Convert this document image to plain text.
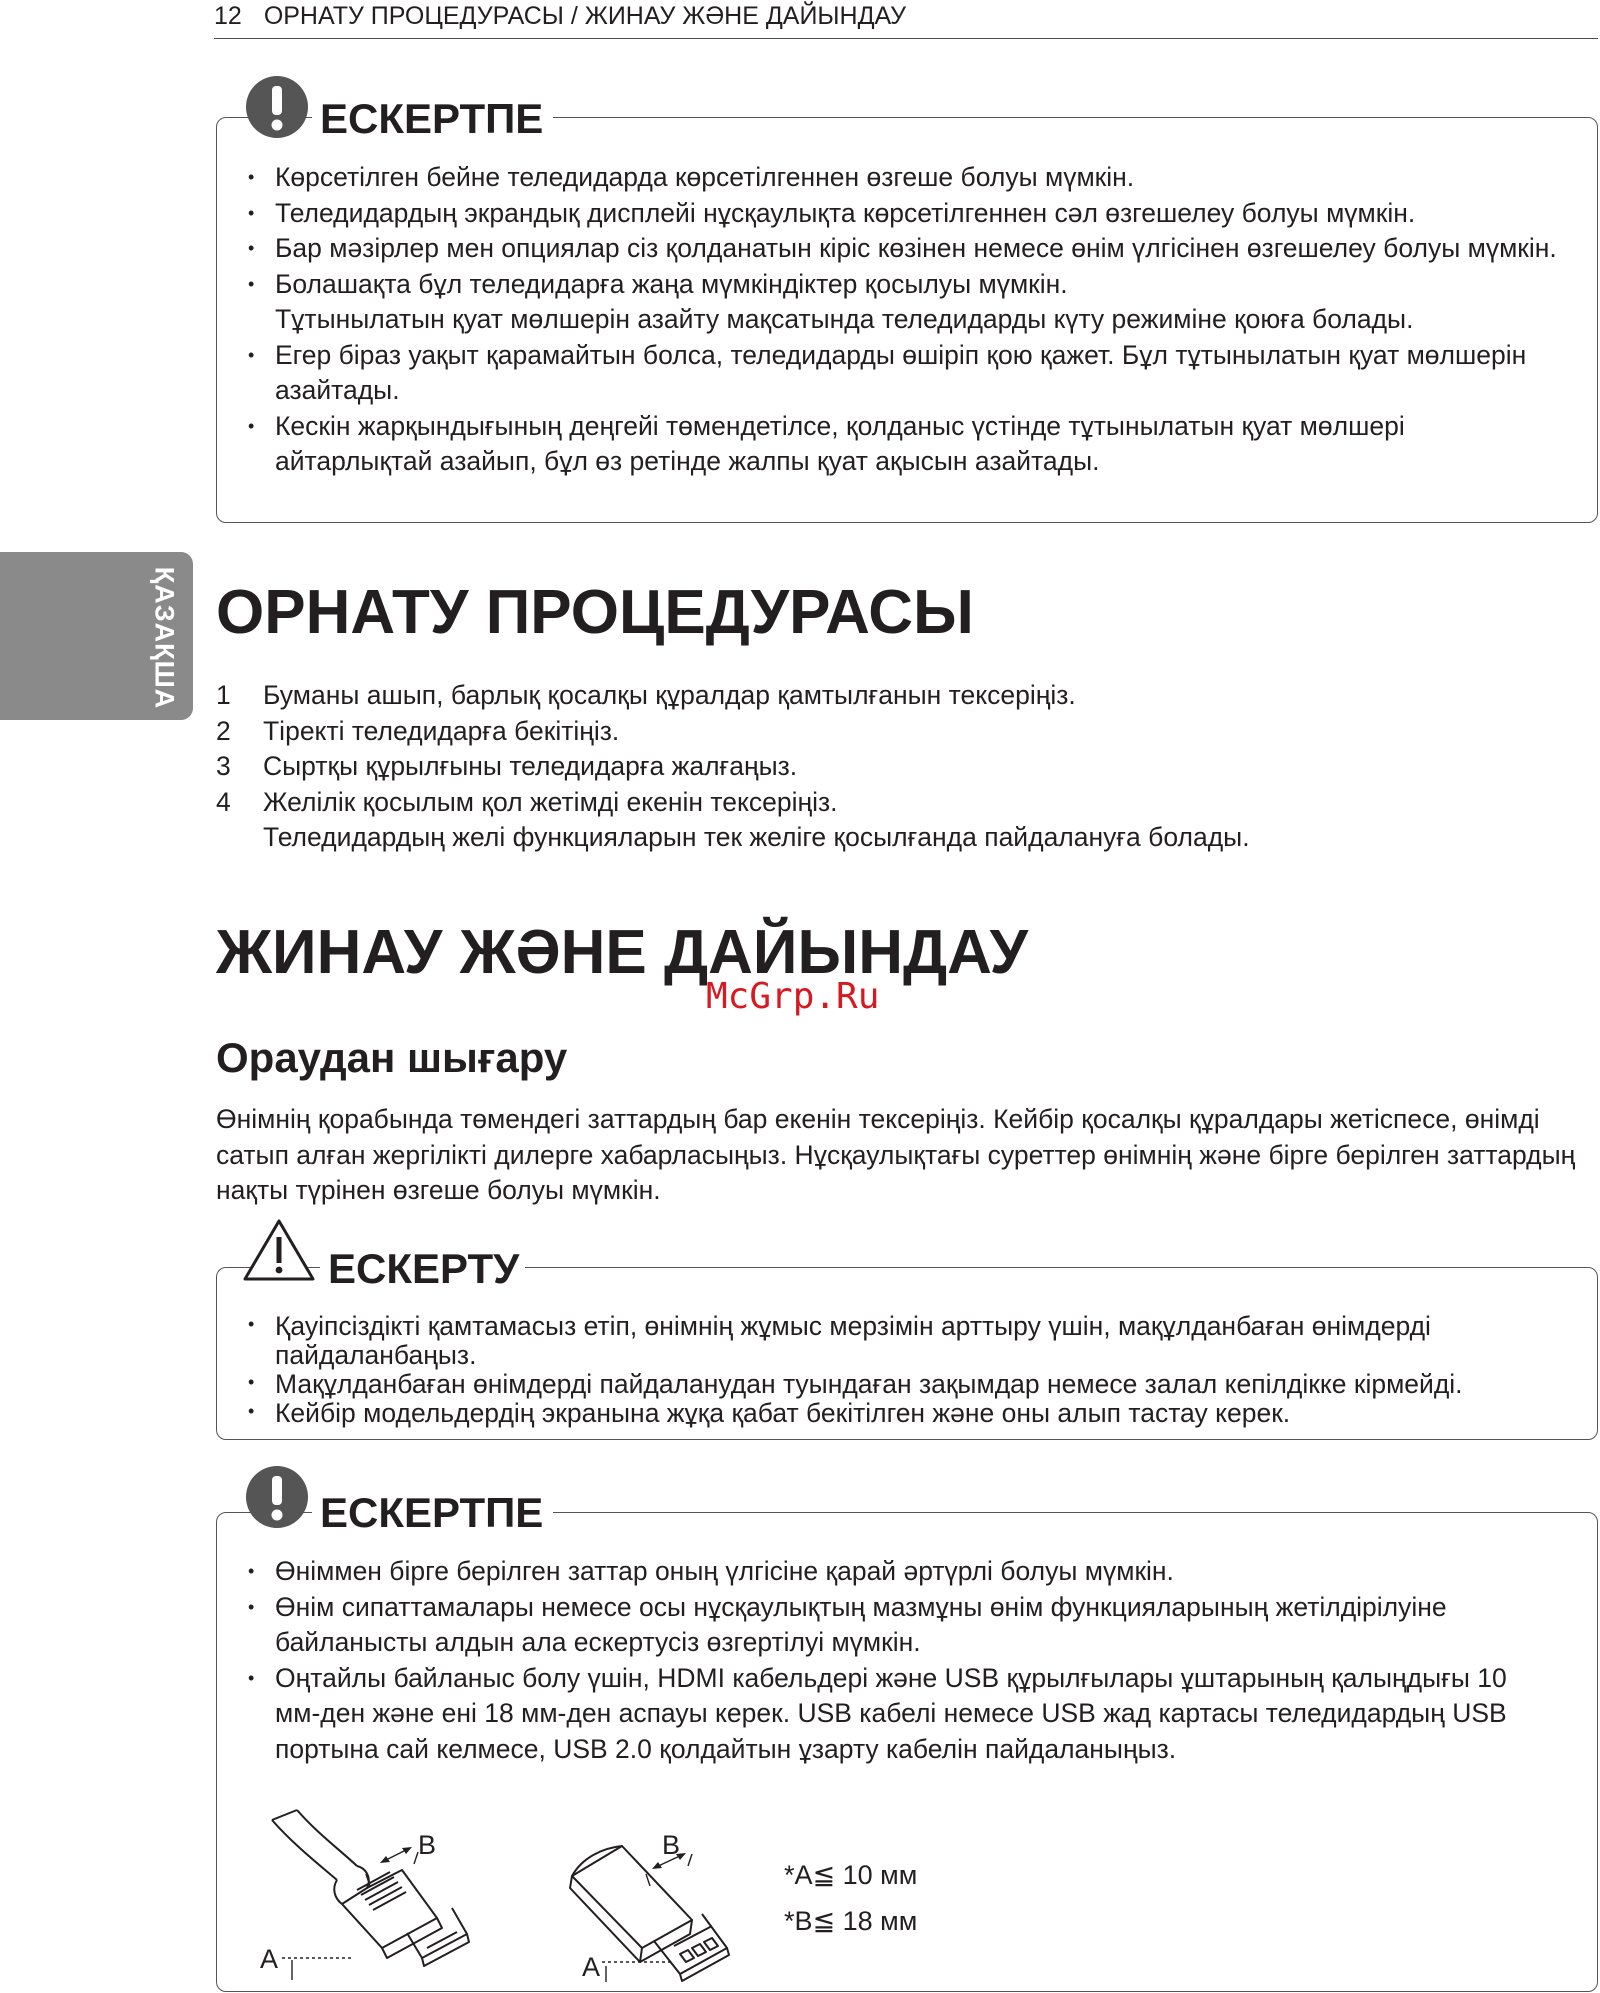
12 ОРНАТУ ПРОЦЕДУРАСЫ / ЖИНАУ ЖӘНЕ ДАЙЫНДАУ
ҚАЗАҚША
ЕСКЕРТПЕ
• Көрсетілген бейне теледидарда көрсетілгеннен өзгеше болуы мүмкін.
• Теледидардың экрандық дисплейі нұсқаулықта көрсетілгеннен сәл өзгешелеу болуы мүмкін.
• Бар мәзірлер мен опциялар сіз қолданатын кіріс көзінен немесе өнім үлгісінен өзгешелеу болуы мүмкін.
• Болашақта бұл теледидарға жаңа мүмкіндіктер қосылуы мүмкін.
Тұтынылатын қуат мөлшерін азайту мақсатында теледидарды күту режиміне қоюға болады.
• Егер біраз уақыт қарамайтын болса, теледидарды өшіріп қою қажет. Бұл тұтынылатын қуат мөлшерін азайтады.
• Кескін жарқындығының деңгейі төмендетілсе, қолданыс үстінде тұтынылатын қуат мөлшері айтарлықтай азайып, бұл өз ретінде жалпы қуат ақысын азайтады.
ОРНАТУ ПРОЦЕДУРАСЫ
1 Буманы ашып, барлық қосалқы құралдар қамтылғанын тексеріңіз.
2 Тіректі теледидарға бекітіңіз.
3 Сыртқы құрылғыны теледидарға жалғаңыз.
4 Желілік қосылым қол жетімді екенін тексеріңіз.
Теледидардың желі функцияларын тек желіге қосылғанда пайдалануға болады.
ЖИНАУ ЖӘНЕ ДАЙЫНДАУ
McGrp.Ru
Ораудан шығару

Өнімнің қорабында төмендегі заттардың бар екенін тексеріңіз. Кейбір қосалқы құралдары жетіспесе, өнімді сатып алған жергілікті дилерге хабарласыңыз. Нұсқаулықтағы суреттер өнімнің және бірге берілген заттардың нақты түрінен өзгеше болуы мүмкін.

ЕСКЕРТУ
• Қауіпсіздікті қамтамасыз етіп, өнімнің жұмыс мерзімін арттыру үшін, мақұлданбаған өнімдерді пайдаланбаңыз.
• Мақұлданбаған өнімдерді пайдаланудан туындаған зақымдар немесе залал кепілдікке кірмейді.
• Кейбір модельдердің экранына жұқа қабат бекітілген және оны алып тастау керек.
ЕСКЕРТПЕ
• Өніммен бірге берілген заттар оның үлгісіне қарай әртүрлі болуы мүмкін.
• Өнім сипаттамалары немесе осы нұсқаулықтың мазмұны өнім функцияларының жетілдірілуіне байланысты алдын ала ескертусіз өзгертілуі мүмкін.
• Оңтайлы байланыс болу үшін, HDMI кабельдері және USB құрылғылары ұштарының қалыңдығы 10 мм-ден және ені 18 мм-ден аспауы керек. USB кабелі немесе USB жад картасы теледидардың USB портына сай келмесе, USB 2.0 қолдайтын ұзарту кабелін пайдаланыңыз.
A
B
A
B
*A≦ 10 мм
*B≦ 18 мм
